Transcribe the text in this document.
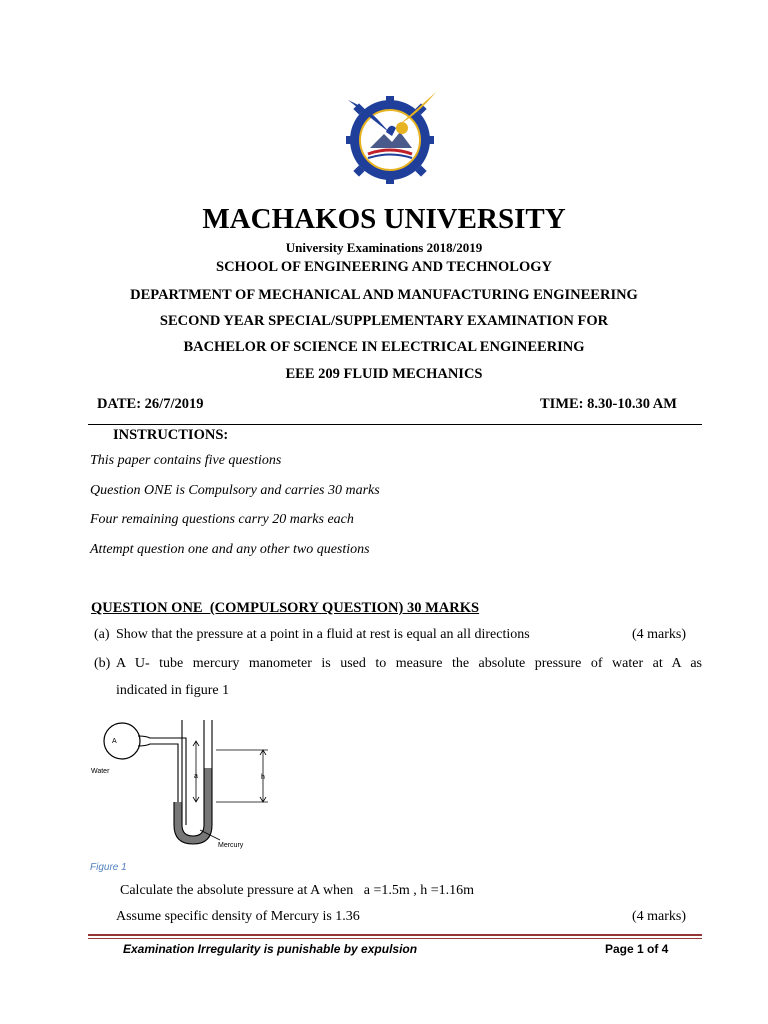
MACHAKOS UNIVERSITY
University Examinations 2018/2019
SCHOOL OF ENGINEERING AND TECHNOLOGY
DEPARTMENT OF MECHANICAL AND MANUFACTURING ENGINEERING
SECOND YEAR SPECIAL/SUPPLEMENTARY EXAMINATION FOR
BACHELOR OF SCIENCE IN ELECTRICAL ENGINEERING
EEE 209 FLUID MECHANICS
DATE: 26/7/2019	TIME: 8.30-10.30 AM
INSTRUCTIONS:
This paper contains five questions
Question ONE is Compulsory and carries 30 marks
Four remaining questions carry 20 marks each
Attempt question one and any other two questions
QUESTION ONE  (COMPULSORY QUESTION) 30 MARKS
(a) Show that the pressure at a point in a fluid at rest is equal an all directions	(4 marks)
(b) A U- tube mercury manometer is used to measure the absolute pressure of water at A as
indicated in figure 1
A
Water
a	h
Mercury
Figure 1
Calculate the absolute pressure at A when   a =1.5m , h =1.16m
Assume specific density of Mercury is 1.36	(4 marks)
Examination Irregularity is punishable by expulsion	Page 1 of 4
